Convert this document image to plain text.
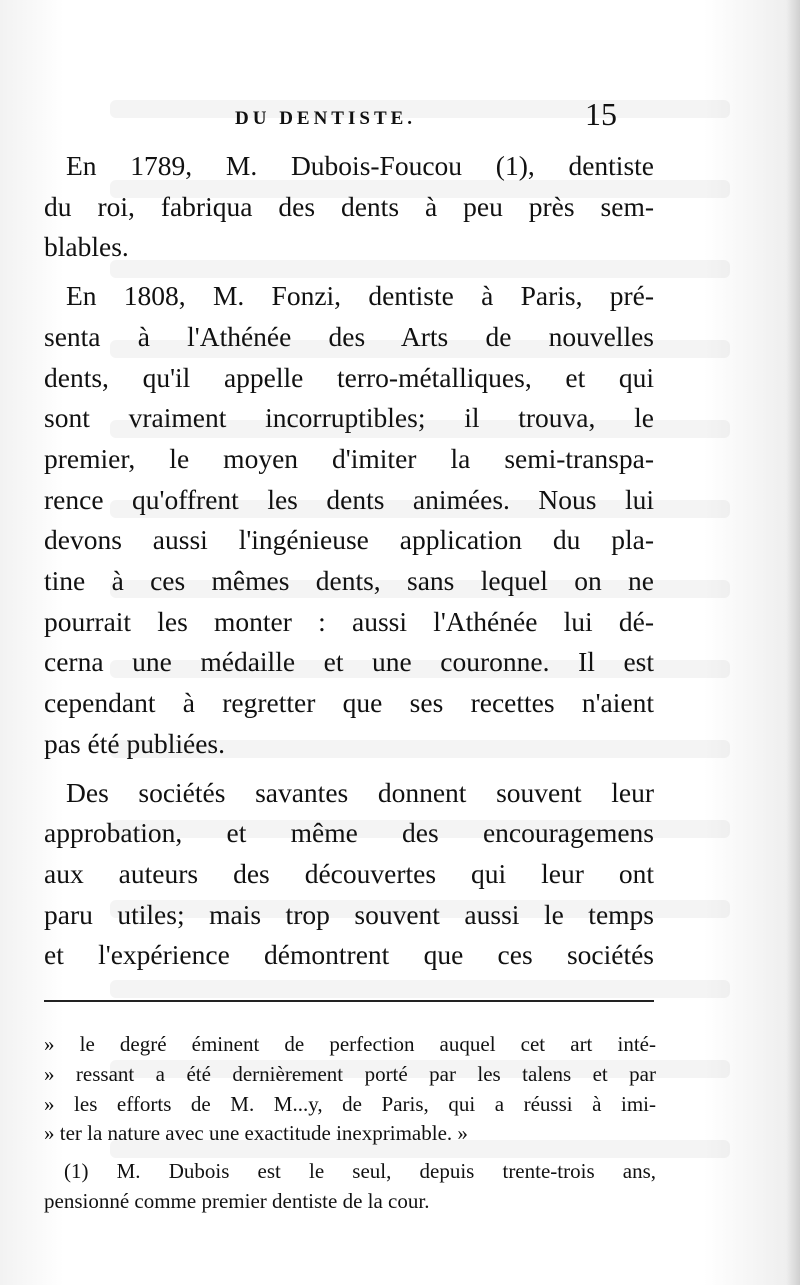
DU DENTISTE.	15
En 1789, M. Dubois-Foucou (1), dentiste
du roi, fabriqua des dents à peu près sem-
blables.
En 1808, M. Fonzi, dentiste à Paris, pré-
senta à l'Athénée des Arts de nouvelles
dents, qu'il appelle terro-métalliques, et qui
sont vraiment incorruptibles; il trouva, le
premier, le moyen d'imiter la semi-transpa-
rence qu'offrent les dents animées. Nous lui
devons aussi l'ingénieuse application du pla-
tine à ces mêmes dents, sans lequel on ne
pourrait les monter : aussi l'Athénée lui dé-
cerna une médaille et une couronne. Il est
cependant à regretter que ses recettes n'aient
pas été publiées.
Des sociétés savantes donnent souvent leur
approbation, et même des encouragemens
aux auteurs des découvertes qui leur ont
paru utiles; mais trop souvent aussi le temps
et l'expérience démontrent que ces sociétés
» le degré éminent de perfection auquel cet art inté-
» ressant a été dernièrement porté par les talens et par
» les efforts de M. M...y, de Paris, qui a réussi à imi-
» ter la nature avec une exactitude inexprimable. »
(1) M. Dubois est le seul, depuis trente-trois ans,
pensionné comme premier dentiste de la cour.
